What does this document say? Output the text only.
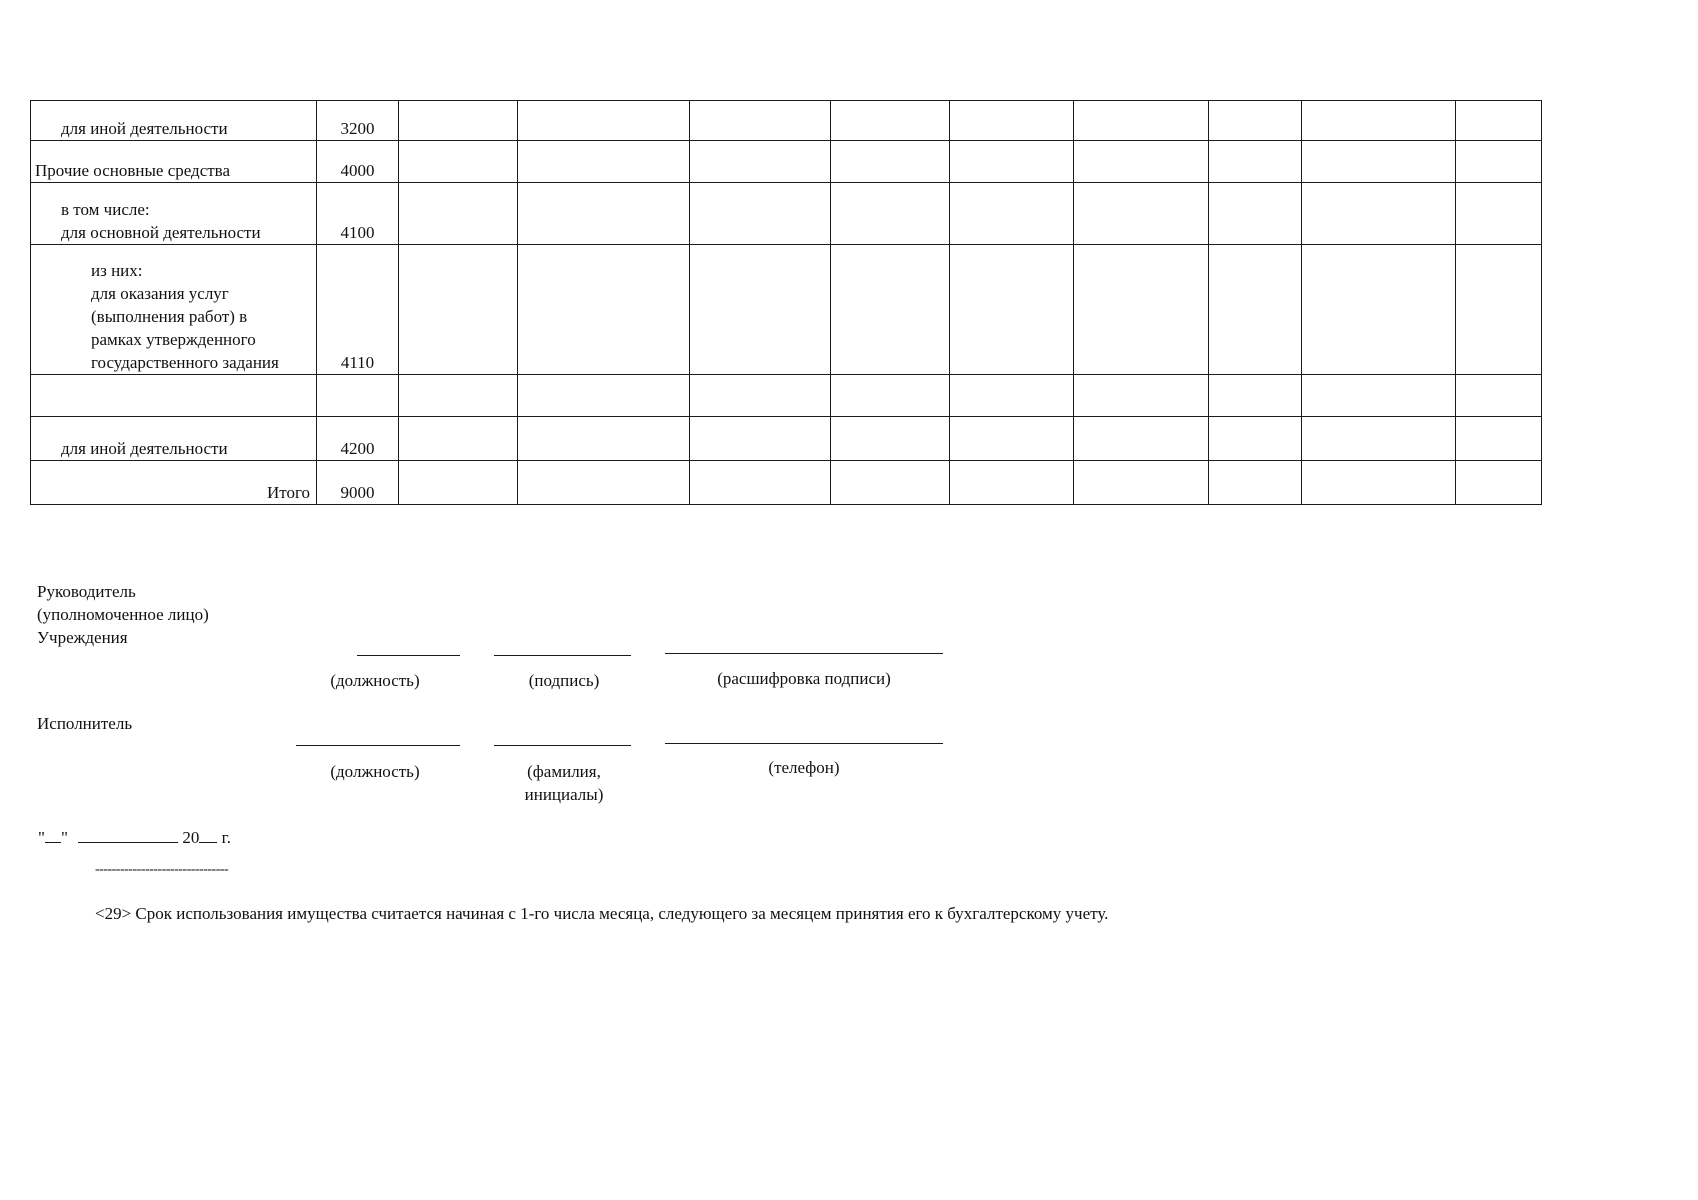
для иной деятельности	3200									
Прочие основные средства	4000									

в том числе:
для основной деятельности	4100									

из них:
для оказания услуг
(выполнения работ) в
рамках утвержденного
государственного задания	4110									

для иной деятельности	4200									
Итого	9000									
Руководитель
(уполномоченное лицо)
Учреждения
(должность)	(подпись)	(расшифровка подписи)
Исполнитель
(должность)	(фамилия,
инициалы)
(телефон)
" "	20 г.
--------------------------------
<29> Срок использования имущества считается начиная с 1-го числа месяца, следующего за месяцем принятия его к бухгалтерскому учету.
